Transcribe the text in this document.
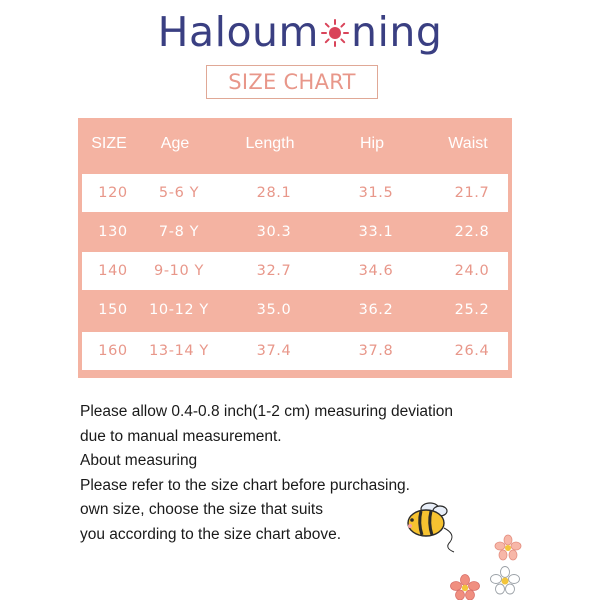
Haloum ning
SIZE CHART
SIZE	Age	Length	Hip	Waist
120	5-6 Y	28.1	31.5	21.7
130	7-8 Y	30.3	33.1	22.8
140	9-10 Y	32.7	34.6	24.0
150	10-12 Y	35.0	36.2	25.2
160	13-14 Y	37.4	37.8	26.4

Please allow 0.4-0.8 inch(1-2 cm) measuring deviation

due to manual measurement.

About measuring

Please refer to the size chart before purchasing.

own size, choose the size that suits

you according to the size chart above.
